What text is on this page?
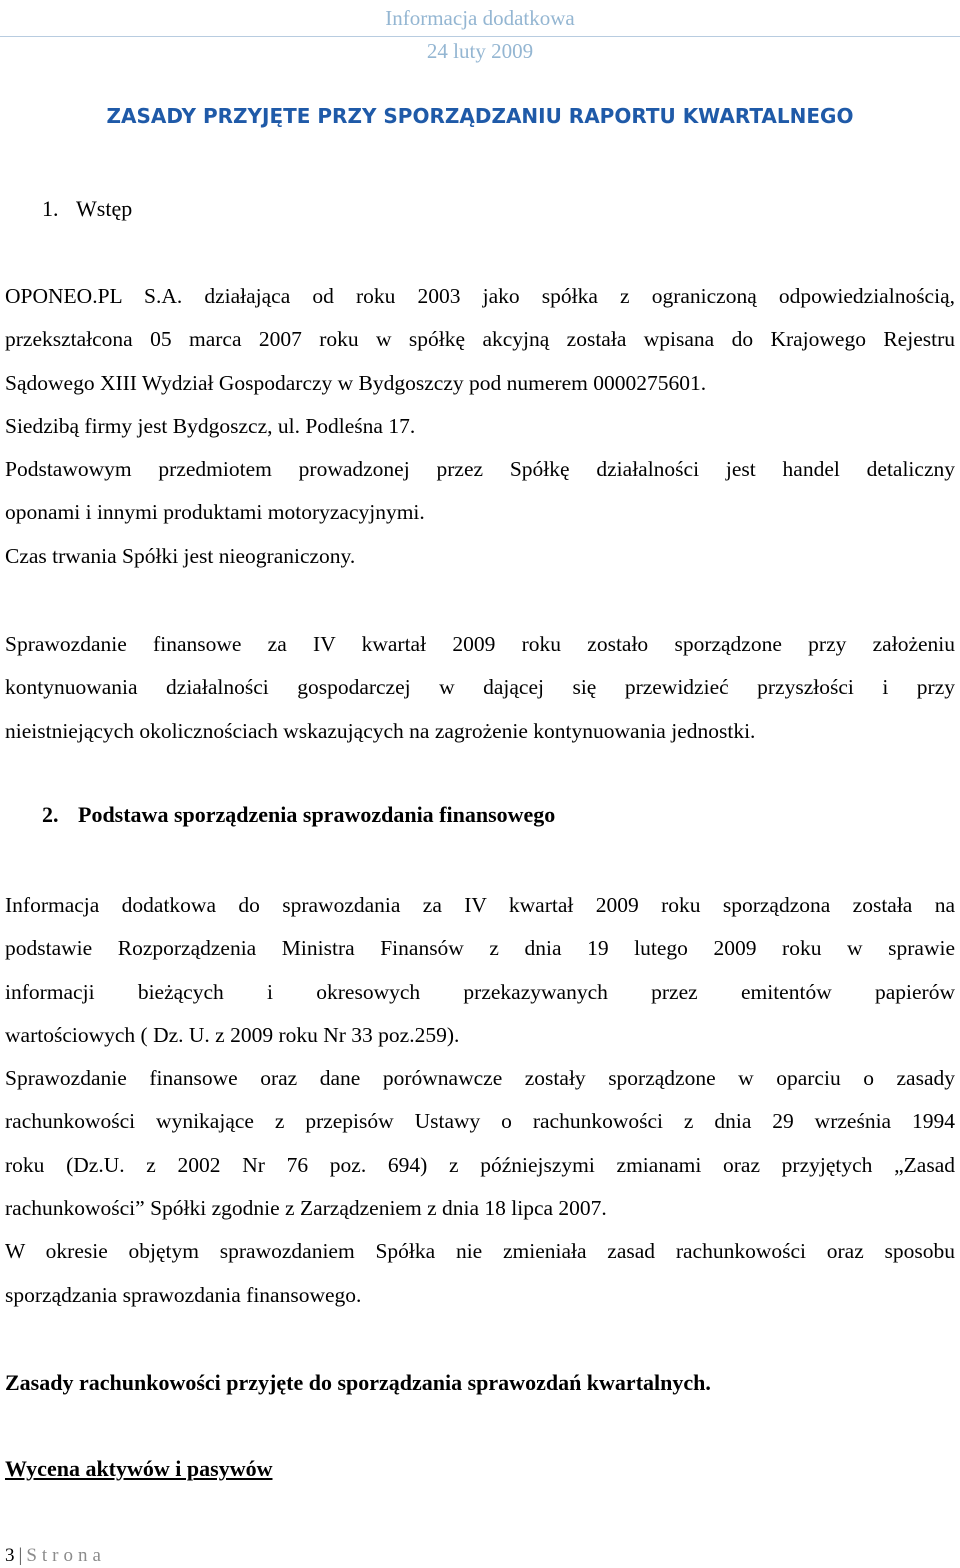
Informacja dodatkowa
24 luty 2009
ZASADY PRZYJĘTE PRZY SPORZĄDZANIU RAPORTU KWARTALNEGO
1. Wstęp
OPONEO.PL S.A. działająca od roku 2003 jako spółka z ograniczoną odpowiedzialnością,
przekształcona 05 marca 2007 roku w spółkę akcyjną została wpisana do Krajowego Rejestru
Sądowego XIII Wydział Gospodarczy w Bydgoszczy pod numerem 0000275601.
Siedzibą firmy jest Bydgoszcz, ul. Podleśna 17.
Podstawowym przedmiotem prowadzonej przez Spółkę działalności jest handel detaliczny
oponami i innymi produktami motoryzacyjnymi.
Czas trwania Spółki jest nieograniczony.
Sprawozdanie finansowe za IV kwartał 2009 roku zostało sporządzone przy założeniu
kontynuowania działalności gospodarczej w dającej się przewidzieć przyszłości i przy
nieistniejących okolicznościach wskazujących na zagrożenie kontynuowania jednostki.
2. Podstawa sporządzenia sprawozdania finansowego
Informacja dodatkowa do sprawozdania za IV kwartał 2009 roku sporządzona została na
podstawie Rozporządzenia Ministra Finansów z dnia 19 lutego 2009 roku w sprawie
informacji bieżących i okresowych przekazywanych przez emitentów papierów
wartościowych ( Dz. U. z 2009 roku Nr 33 poz.259).
Sprawozdanie finansowe oraz dane porównawcze zostały sporządzone w oparciu o zasady
rachunkowości wynikające z przepisów Ustawy o rachunkowości z dnia 29 września 1994
roku (Dz.U. z 2002 Nr 76 poz. 694) z późniejszymi zmianami oraz przyjętych „Zasad
rachunkowości” Spółki zgodnie z Zarządzeniem z dnia 18 lipca 2007.
W okresie objętym sprawozdaniem Spółka nie zmieniała zasad rachunkowości oraz sposobu
sporządzania sprawozdania finansowego.
Zasady rachunkowości przyjęte do sporządzania sprawozdań kwartalnych.
Wycena aktywów i pasywów
3 | Strona
